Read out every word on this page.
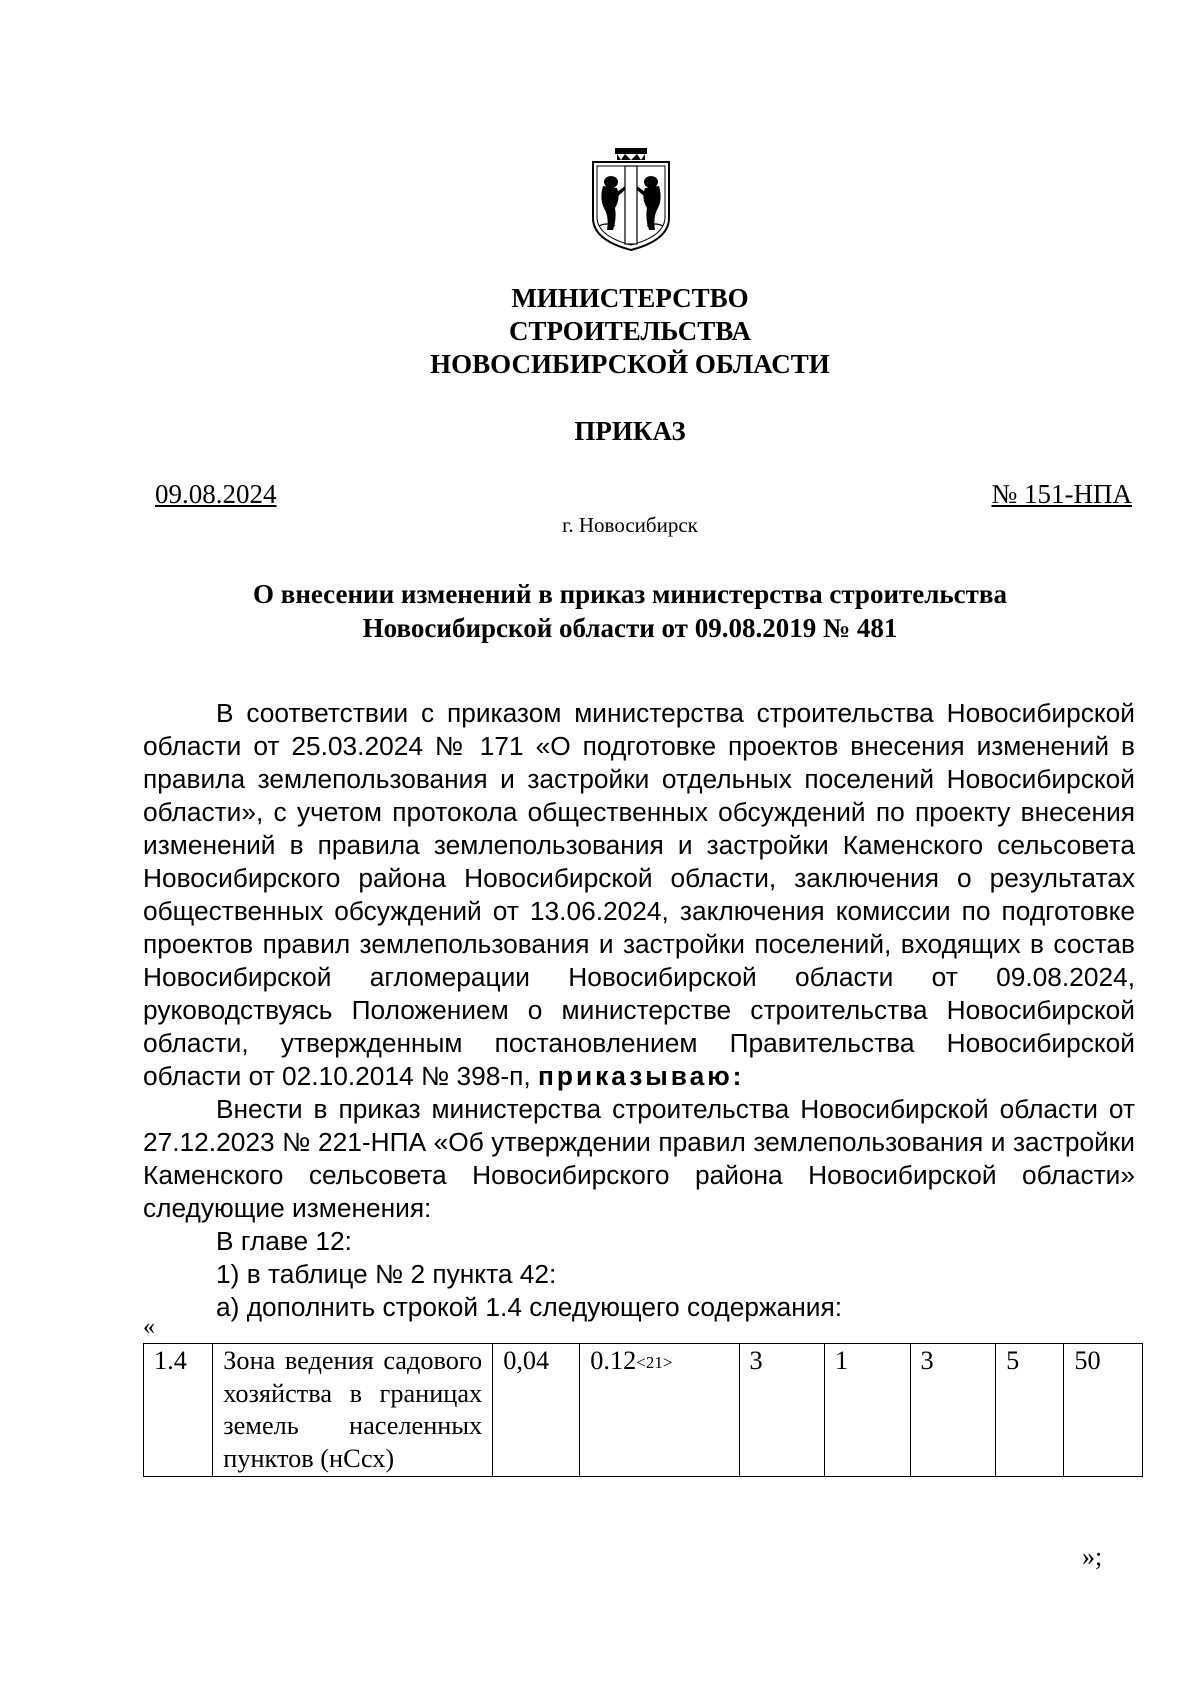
МИНИСТЕРСТВО
СТРОИТЕЛЬСТВА
НОВОСИБИРСКОЙ ОБЛАСТИ
ПРИКАЗ
09.08.2024	№ 151-НПА
г. Новосибирск
О внесении изменений в приказ министерства строительства
Новосибирской области от 09.08.2019 № 481

В соответствии с приказом министерства строительства Новосибирской области от 25.03.2024 № 171 «О подготовке проектов внесения изменений в правила землепользования и застройки отдельных поселений Новосибирской области», с учетом протокола общественных обсуждений по проекту внесения изменений в правила землепользования и застройки Каменского сельсовета Новосибирского района Новосибирской области, заключения о результатах общественных обсуждений от 13.06.2024, заключения комиссии по подготовке проектов правил землепользования и застройки поселений, входящих в состав Новосибирской агломерации Новосибирской области от 09.08.2024, руководствуясь Положением о министерстве строительства Новосибирской области, утвержденным постановлением Правительства Новосибирской области от 02.10.2014 № 398-п, приказываю:

Внести в приказ министерства строительства Новосибирской области от 27.12.2023 № 221-НПА «Об утверждении правил землепользования и застройки Каменского сельсовета Новосибирского района Новосибирской области» следующие изменения:

В главе 12:

1) в таблице № 2 пункта 42:

а) дополнить строкой 1.4 следующего содержания:

«
1.4	Зона ведения садового хозяйства в границах земель населенных пунктов (нСсх)	0,04	0.12<21>	3	1	3	5	50
»;
